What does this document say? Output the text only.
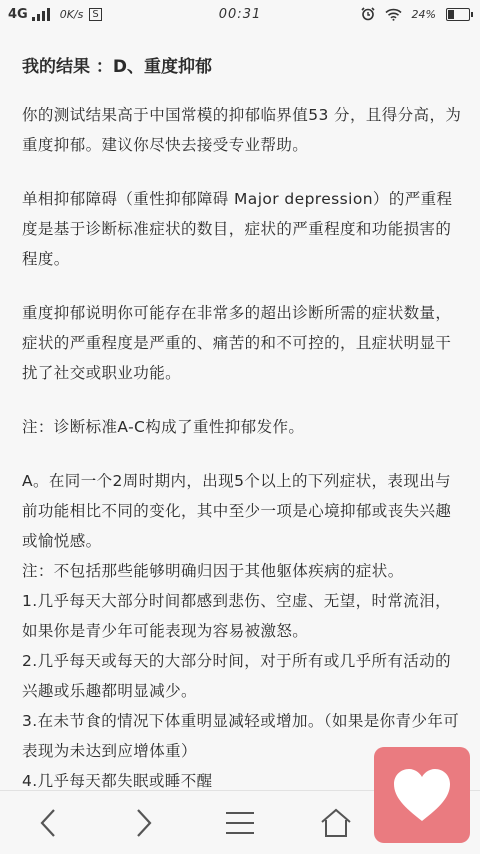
4G	0K/s S	00:31	24%
我的结果 ：D、重度抑郁

你的测试结果高于中国常模的抑郁临界值53 分，且得分高，为重度抑郁。建议你尽快去接受专业帮助。

单相抑郁障碍（重性抑郁障碍 Major depression）的严重程度是基于诊断标准症状的数目，症状的严重程度和功能损害的程度。

重度抑郁说明你可能存在非常多的超出诊断所需的症状数量，症状的严重程度是严重的、痛苦的和不可控的，且症状明显干扰了社交或职业功能。

注：诊断标准A-C构成了重性抑郁发作。

A。在同一个2周时期内，出现5个以上的下列症状，表现出与前功能相比不同的变化，其中至少一项是心境抑郁或丧失兴趣或愉悦感。

注：不包括那些能够明确归因于其他躯体疾病的症状。

1.几乎每天大部分时间都感到悲伤、空虚、无望，时常流泪，如果你是青少年可能表现为容易被激怒。

2.几乎每天或每天的大部分时间，对于所有或几乎所有活动的兴趣或乐趣都明显减少。

3.在未节食的情况下体重明显减轻或增加。（如果是你青少年可表现为未达到应增体重）

4.几乎每天都失眠或睡不醒
